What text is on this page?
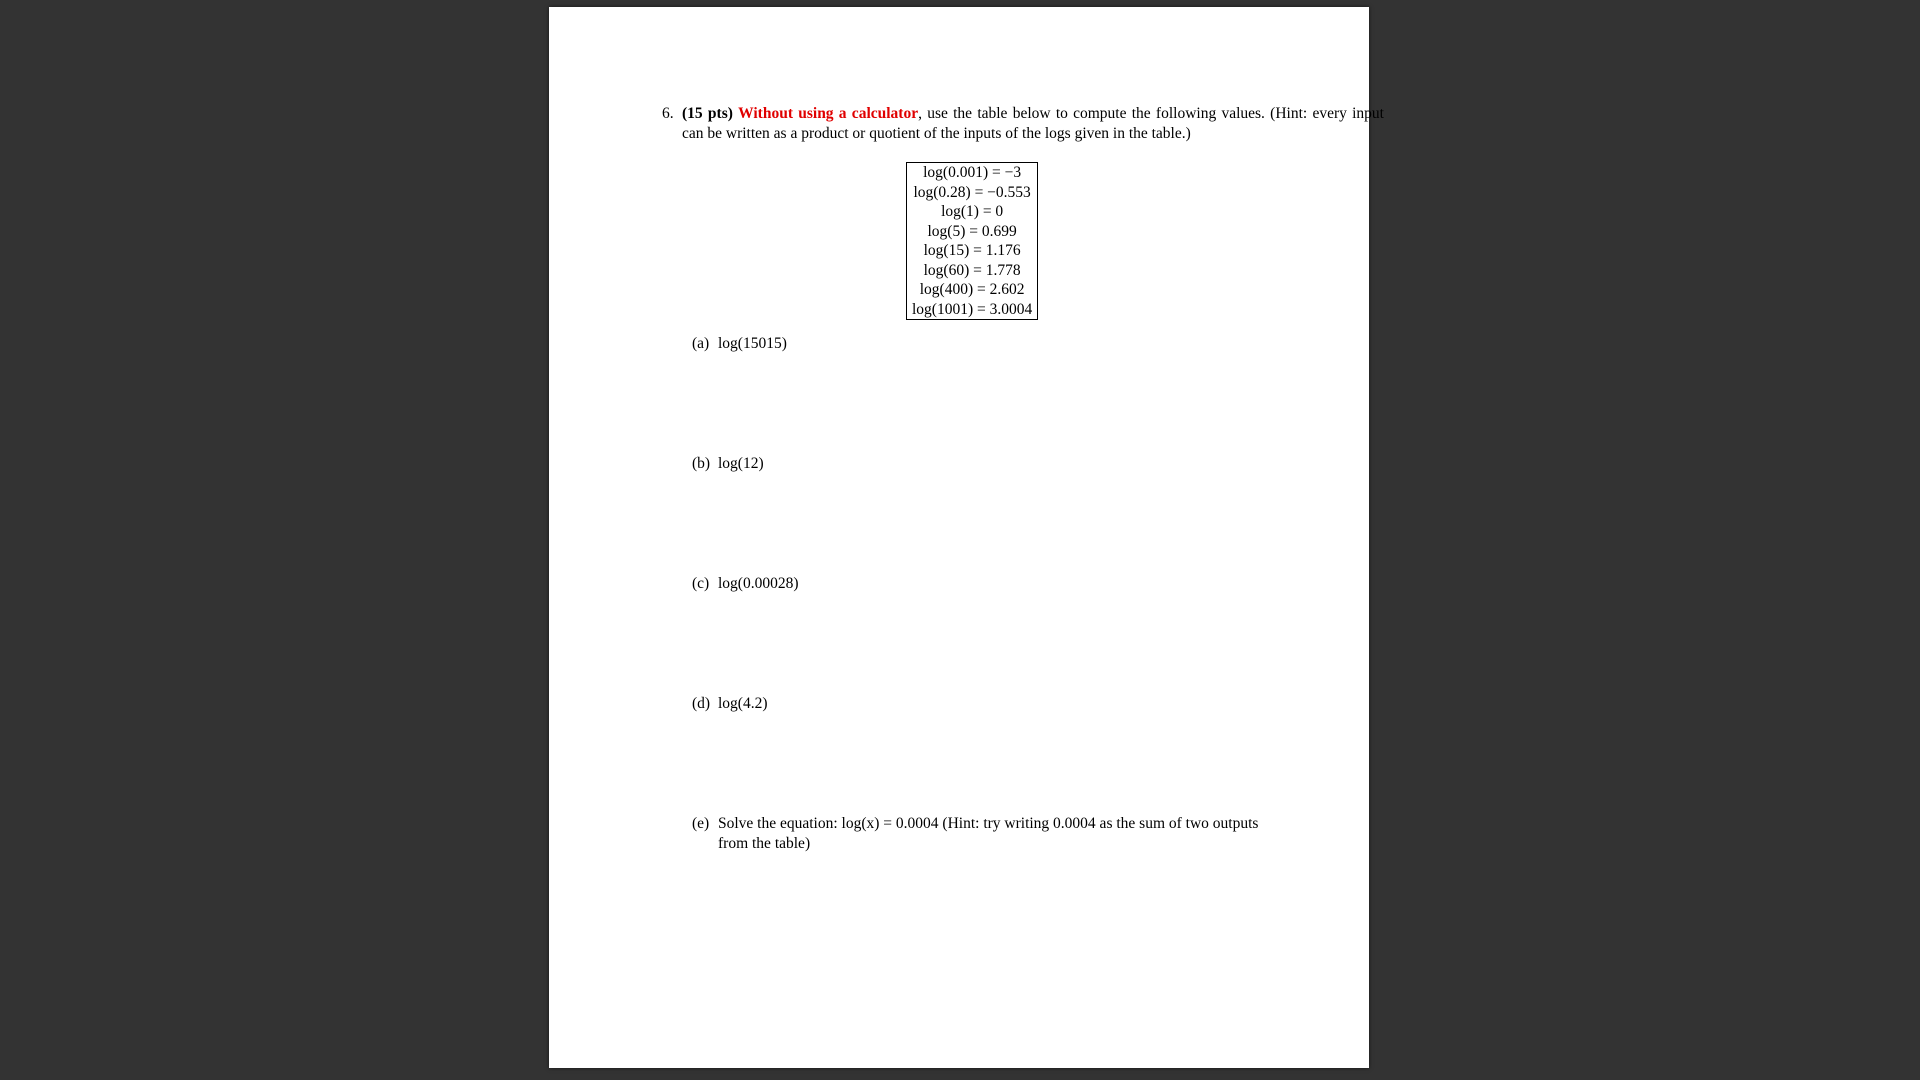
6. (15 pts) Without using a calculator, use the table below to compute the following values. (Hint: every input can be written as a product or quotient of the inputs of the logs given in the table.)
log(0.001) = −3
log(0.28) = −0.553
log(1) = 0
log(5) = 0.699
log(15) = 1.176
log(60) = 1.778
log(400) = 2.602
log(1001) = 3.0004
(a) log(15015)
(b) log(12)
(c) log(0.00028)
(d) log(4.2)
(e) Solve the equation: log(x) = 0.0004 (Hint: try writing 0.0004 as the sum of two outputs from the table)
